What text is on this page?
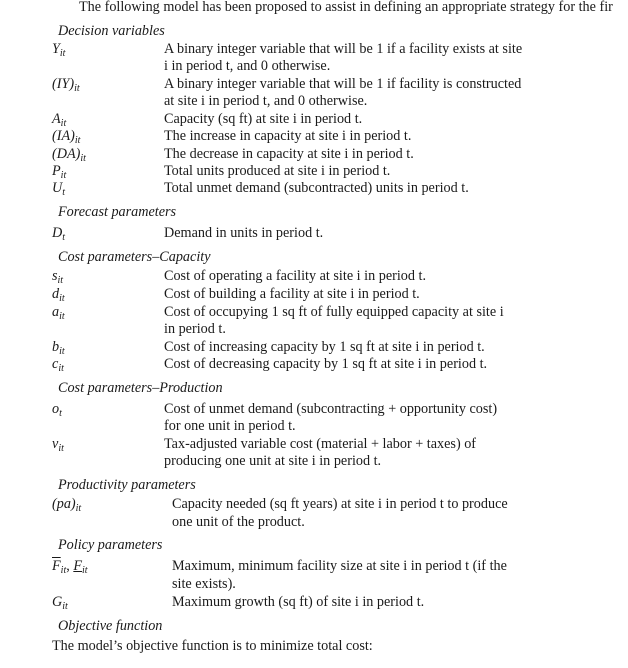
The following model has been proposed to assist in defining an appropriate strategy for the fir
Decision variables
$Y_{it}$	A binary integer variable that will be 1 if a facility exists at site
i in period t, and 0 otherwise.
$(IY)_{it}$	A binary integer variable that will be 1 if facility is constructed
at site i in period t, and 0 otherwise.
$A_{it}$	Capacity (sq ft) at site i in period t.
$(IA)_{it}$	The increase in capacity at site i in period t.
$(DA)_{it}$	The decrease in capacity at site i in period t.
$P_{it}$	Total units produced at site i in period t.
$U_t$	Total unmet demand (subcontracted) units in period t.
Forecast parameters
$D_t$	Demand in units in period t.
Cost parameters–Capacity
$s_{it}$	Cost of operating a facility at site i in period t.
$d_{it}$	Cost of building a facility at site i in period t.
$a_{it}$	Cost of occupying 1 sq ft of fully equipped capacity at site i
in period t.
$b_{it}$	Cost of increasing capacity by 1 sq ft at site i in period t.
$c_{it}$	Cost of decreasing capacity by 1 sq ft at site i in period t.
Cost parameters–Production
$o_t$	Cost of unmet demand (subcontracting + opportunity cost)
for one unit in period t.
$v_{it}$	Tax-adjusted variable cost (material + labor + taxes) of
producing one unit at site i in period t.
Productivity parameters
$(pa)_{it}$	Capacity needed (sq ft years) at site i in period t to produce
one unit of the product.
Policy parameters
$\overline{F}_{it}$, $F_{it}$	Maximum, minimum facility size at site i in period t (if the
site exists).
$G_{it}$	Maximum growth (sq ft) of site i in period t.
Objective function
The model’s objective function is to minimize total cost:
